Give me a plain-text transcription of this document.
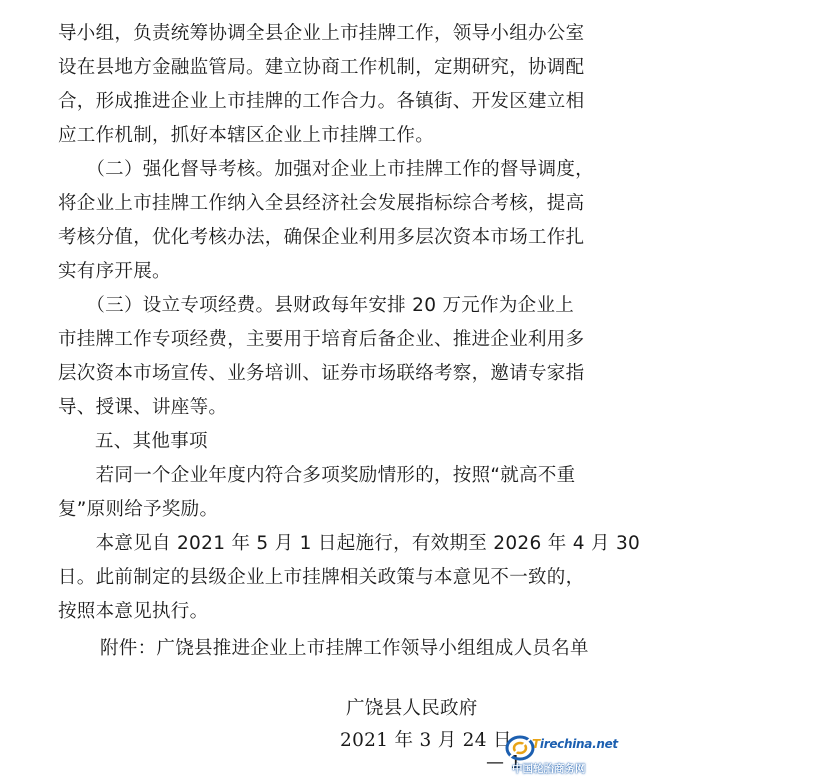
导小组，负责统筹协调全县企业上市挂牌工作，领导小组办公室
设在县地方金融监管局。建立协商工作机制，定期研究，协调配
合，形成推进企业上市挂牌的工作合力。各镇街、开发区建立相
应工作机制，抓好本辖区企业上市挂牌工作。
　　（二）强化督导考核。加强对企业上市挂牌工作的督导调度，
将企业上市挂牌工作纳入全县经济社会发展指标综合考核，提高
考核分值，优化考核办法，确保企业利用多层次资本市场工作扎
实有序开展。
　　（三）设立专项经费。县财政每年安排 20 万元作为企业上
市挂牌工作专项经费，主要用于培育后备企业、推进企业利用多
层次资本市场宣传、业务培训、证券市场联络考察，邀请专家指
导、授课、讲座等。
五、其他事项
　　若同一个企业年度内符合多项奖励情形的，按照“就高不重
复”原则给予奖励。
　　本意见自 2021 年 5 月 1 日起施行，有效期至 2026 年 4 月 30
日。此前制定的县级企业上市挂牌相关政策与本意见不一致的，
按照本意见执行。
附件：广饶县推进企业上市挂牌工作领导小组组成人员名单
广饶县人民政府
2021 年 3 月 24 日
— 1
Tirechina.net
中国轮胎商务网
